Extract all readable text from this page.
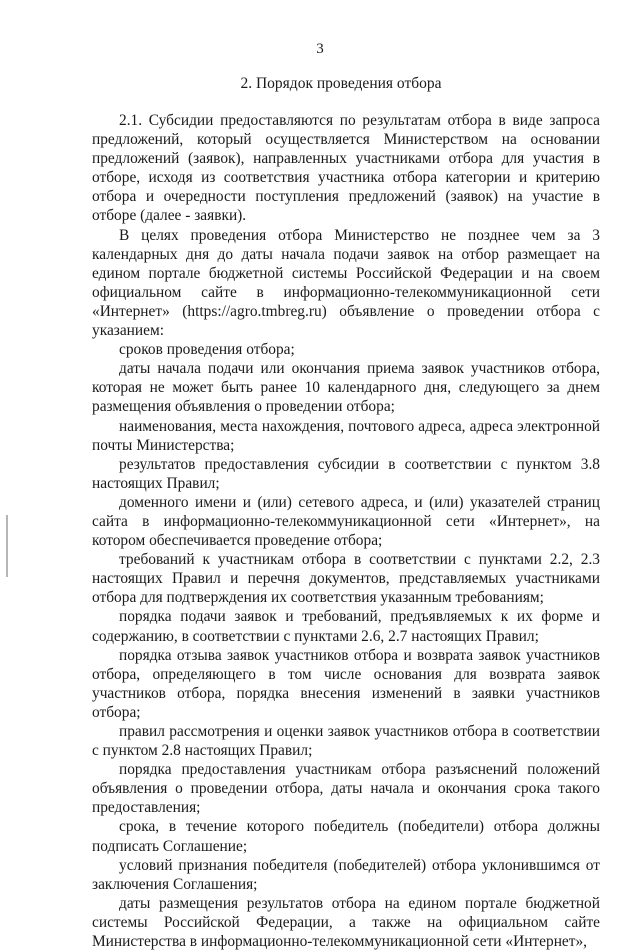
3
2. Порядок проведения отбора

2.1. Субсидии предоставляются по результатам отбора в виде запроса предложений, который осуществляется Министерством на основании предложений (заявок), направленных участниками отбора для участия в отборе, исходя из соответствия участника отбора категории и критерию отбора и очередности поступления предложений (заявок) на участие в отборе (далее - заявки).

В целях проведения отбора Министерство не позднее чем за 3 календарных дня до даты начала подачи заявок на отбор размещает на едином портале бюджетной системы Российской Федерации и на своем официальном сайте в информационно-телекоммуникационной сети «Интернет» (https://agro.tmbreg.ru) объявление о проведении отбора с указанием:

сроков проведения отбора;

даты начала подачи или окончания приема заявок участников отбора, которая не может быть ранее 10 календарного дня, следующего за днем размещения объявления о проведении отбора;

наименования, места нахождения, почтового адреса, адреса электронной почты Министерства;

результатов предоставления субсидии в соответствии с пунктом 3.8 настоящих Правил;

доменного имени и (или) сетевого адреса, и (или) указателей страниц сайта в информационно-телекоммуникационной сети «Интернет», на котором обеспечивается проведение отбора;

требований к участникам отбора в соответствии с пунктами 2.2, 2.3 настоящих Правил и перечня документов, представляемых участниками отбора для подтверждения их соответствия указанным требованиям;

порядка подачи заявок и требований, предъявляемых к их форме и содержанию, в соответствии с пунктами 2.6, 2.7 настоящих Правил;

порядка отзыва заявок участников отбора и возврата заявок участников отбора, определяющего в том числе основания для возврата заявок участников отбора, порядка внесения изменений в заявки участников отбора;

правил рассмотрения и оценки заявок участников отбора в соответствии с пунктом 2.8 настоящих Правил;

порядка предоставления участникам отбора разъяснений положений объявления о проведении отбора, даты начала и окончания срока такого предоставления;

срока, в течение которого победитель (победители) отбора должны подписать Соглашение;

условий признания победителя (победителей) отбора уклонившимся от заключения Соглашения;

даты размещения результатов отбора на едином портале бюджетной системы Российской Федерации, а также на официальном сайте Министерства в информационно-телекоммуникационной сети «Интернет»,
